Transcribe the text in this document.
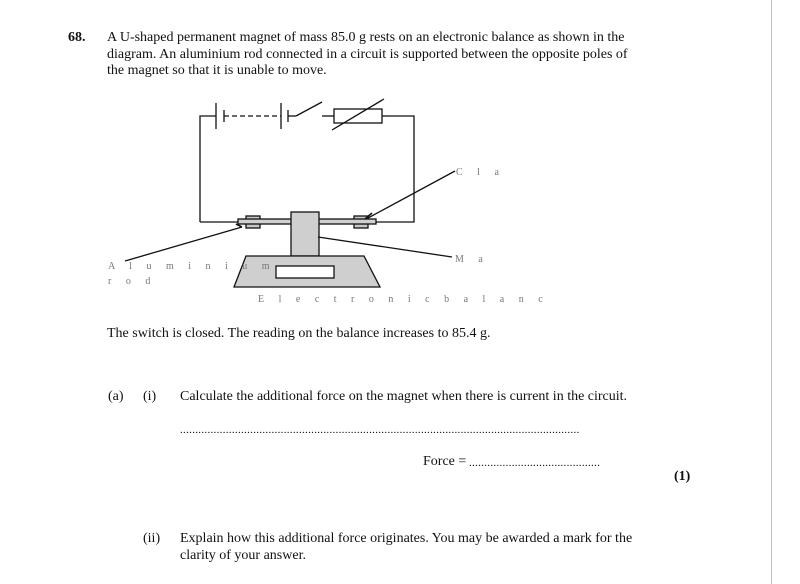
68. A U-shaped permanent magnet of mass 85.0 g rests on an electronic balance as shown in the diagram. An aluminium rod connected in a circuit is supported between the opposite poles of the magnet so that it is unable to move.

C l a
M a
A l u m i n i u m
r o d
E l e c t r o n i c b a l a n c

The switch is closed. The reading on the balance increases to 85.4 g.

(a) (i) Calculate the additional force on the magnet when there is current in the circuit.
...................................................................................................................................
Force = ...........................................
(1)
(ii) Explain how this additional force originates. You may be awarded a mark for the clarity of your answer.
